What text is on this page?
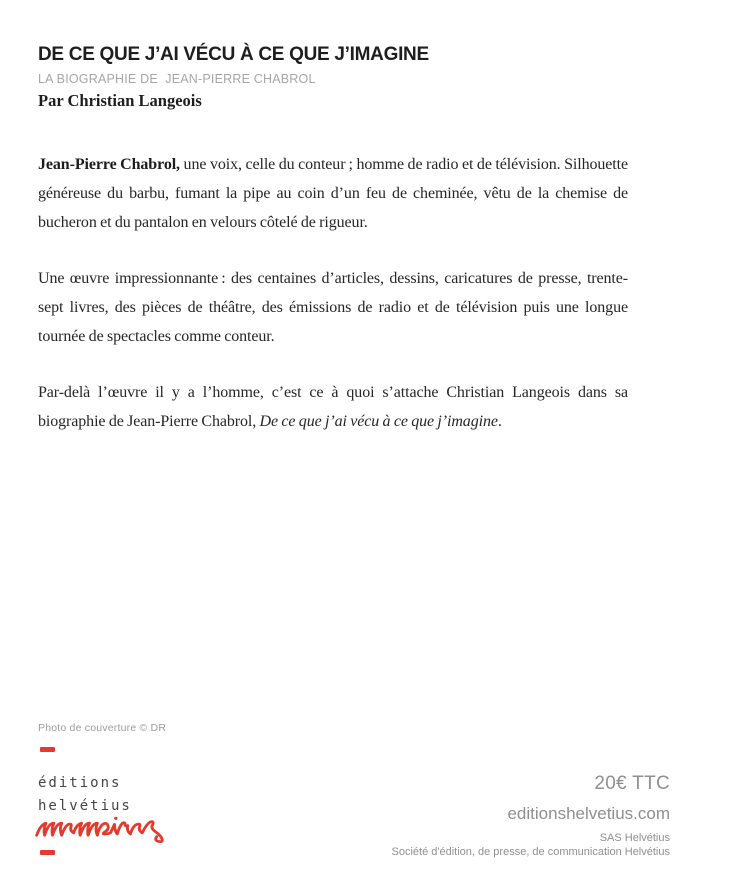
DE CE QUE J’AI VÉCU À CE QUE J’IMAGINE
LA BIOGRAPHIE DE  JEAN-PIERRE CHABROL
Par Christian Langeois

Jean-Pierre Chabrol, une voix, celle du conteur ; homme de radio et de télévision. Silhouette généreuse du barbu, fumant la pipe au coin d’un feu de cheminée, vêtu de la chemise de bucheron et du pantalon en velours côtelé de rigueur.

Une œuvre impressionnante : des centaines d’articles, dessins, caricatures de presse, trente-sept livres, des pièces de théâtre, des émissions de radio et de télévision puis une longue tournée de spectacles comme conteur.

Par-delà l’œuvre il y a l’homme, c’est ce à quoi s’attache Christian Langeois dans sa biographie de Jean-Pierre Chabrol, De ce que j’ai vécu à ce que j’imagine.

Photo de couverture © DR
éditions
helvétius
20€ TTC
editionshelvetius.com
SAS Helvétius
Société d'édition, de presse, de communication Helvétius
